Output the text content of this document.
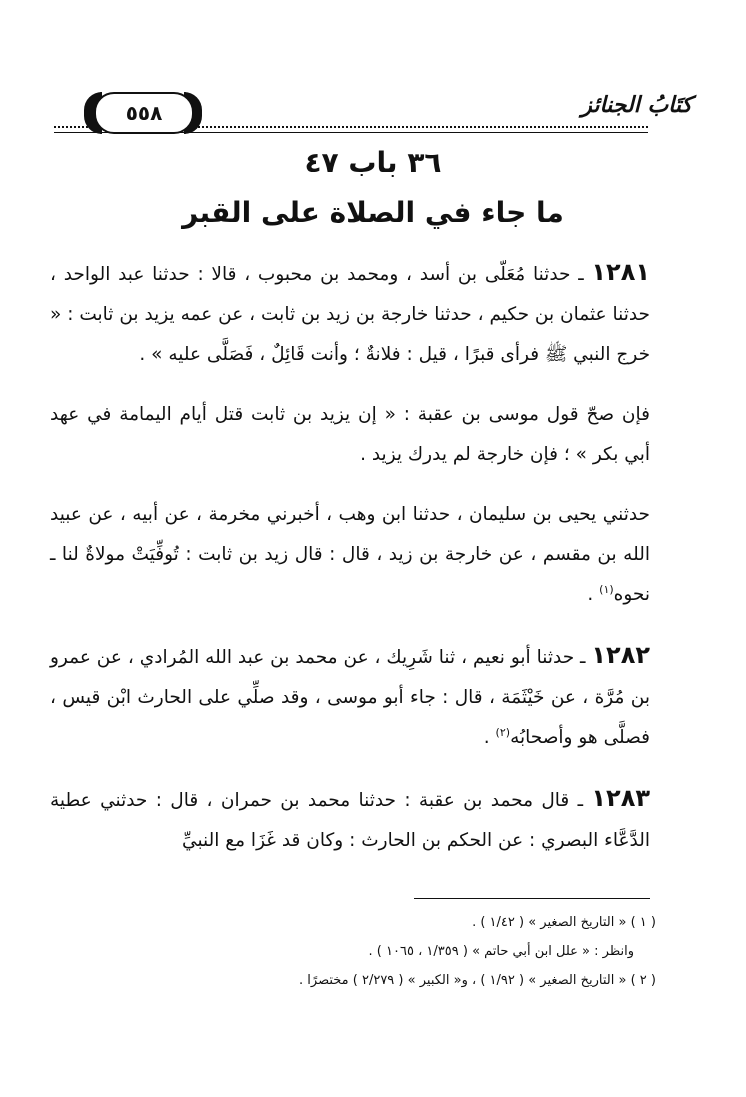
٥٥٨	كتَابُ الجنائز
٣٦ باب ٤٧
ما جاء في الصلاة على القبر

١٢٨١ ـ حدثنا مُعَلّى بن أسد ، ومحمد بن محبوب ، قالا : حدثنا عبد الواحد ، حدثنا عثمان بن حكيم ، حدثنا خارجة بن زيد بن ثابت ، عن عمه يزيد بن ثابت : « خرج النبي ﷺ فرأى قبرًا ، قيل : فلانةٌ ؛ وأنت قَائِلٌ ، فَصَلَّى عليه » .

فإن صحّ قول موسى بن عقبة : « إن يزيد بن ثابت قتل أيام اليمامة في عهد أبي بكر » ؛ فإن خارجة لم يدرك يزيد .

حدثني يحيى بن سليمان ، حدثنا ابن وهب ، أخبرني مخرمة ، عن أبيه ، عن عبيد الله بن مقسم ، عن خارجة بن زيد ، قال : قال زيد بن ثابت : تُوفِّيَتْ مولاةٌ لنا ـ نحوه$^{(١)}$ .

١٢٨٢ ـ حدثنا أبو نعيم ، ثنا شَرِيك ، عن محمد بن عبد الله المُرادي ، عن عمرو بن مُرَّة ، عن خَيْثَمَة ، قال : جاء أبو موسى ، وقد صلِّي على الحارث ابْن قيس ، فصلَّى هو وأصحابُه$^{(٢)}$ .

١٢٨٣ ـ قال محمد بن عقبة : حدثنا محمد بن حمران ، قال : حدثني عطية الدَّعَّاء البصري : عن الحكم بن الحارث : وكان قد غَزَا مع النبيِّ

( ١ ) « التاريخ الصغير » ( ١/٤٢ ) .
وانظر : « علل ابن أبي حاتم » ( ١/٣٥٩ ، ١٠٦٥ ) .
( ٢ ) « التاريخ الصغير » ( ١/٩٢ ) ، و« الكبير » ( ٢/٢٧٩ ) مختصرًا .
